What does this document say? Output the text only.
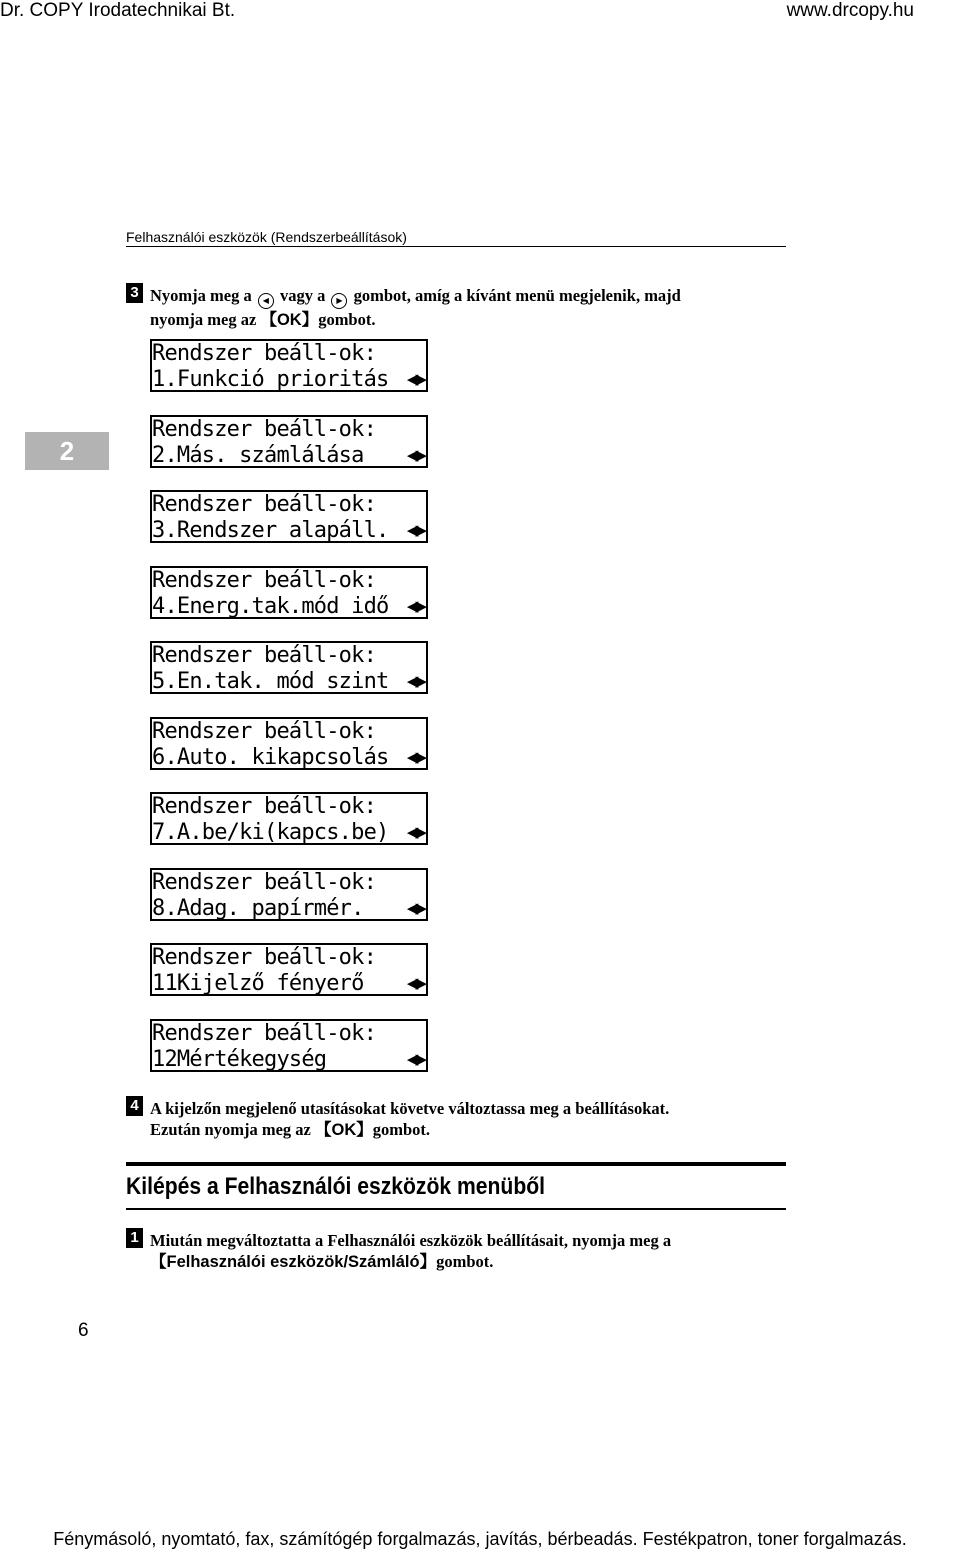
Dr. COPY Irodatechnikai Bt.	www.drcopy.hu
Felhasználói eszközök (Rendszerbeállítások)
2
3 Nyomja meg a ◀ vagy a ▶ gombot, amíg a kívánt menü megjelenik, majd
nyomja meg az 【OK】gombot.
Rendszer beáll-ok:
1.Funkció prioritás ◀▶
Rendszer beáll-ok:
2.Más. számlálása	◀▶
Rendszer beáll-ok:
3.Rendszer alapáll. ◀▶
Rendszer beáll-ok:
4.Energ.tak.mód idő ◀▶
Rendszer beáll-ok:
5.En.tak. mód szint ◀▶
Rendszer beáll-ok:
6.Auto. kikapcsolás ◀▶
Rendszer beáll-ok:
7.A.be/ki(kapcs.be) ◀▶
Rendszer beáll-ok:
8.Adag. papírmér.	◀▶
Rendszer beáll-ok:
11Kijelző fényerő	◀▶
Rendszer beáll-ok:
12Mértékegység	◀▶
4 A kijelzőn megjelenő utasításokat követve változtassa meg a beállításokat.
Ezután nyomja meg az 【OK】gombot.
Kilépés a Felhasználói eszközök menüből
1 Miután megváltoztatta a Felhasználói eszközök beállításait, nyomja meg a
【Felhasználói eszközök/Számláló】gombot.
6
Fénymásoló, nyomtató, fax, számítógép forgalmazás, javítás, bérbeadás. Festékpatron, toner forgalmazás.
